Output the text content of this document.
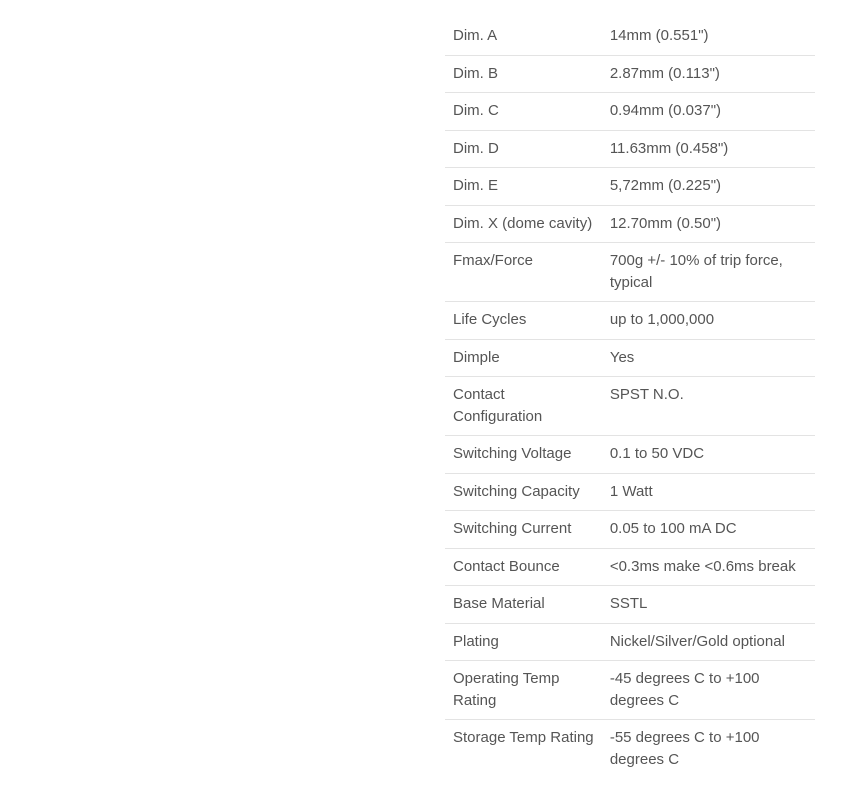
Dim. A	14mm (0.551")
Dim. B	2.87mm (0.113")
Dim. C	0.94mm (0.037")
Dim. D	11.63mm (0.458")
Dim. E	5,72mm (0.225")
Dim. X (dome cavity)	12.70mm (0.50")
Fmax/Force	700g +/- 10% of trip force, typical
Life Cycles	up to 1,000,000
Dimple	Yes
Contact Configuration	SPST N.O.
Switching Voltage	0.1 to 50 VDC
Switching Capacity	1 Watt
Switching Current	0.05 to 100 mA DC
Contact Bounce	<0.3ms make <0.6ms break
Base Material	SSTL
Plating	Nickel/Silver/Gold optional
Operating Temp Rating	-45 degrees C to +100 degrees C
Storage Temp Rating	-55 degrees C to +100 degrees C
